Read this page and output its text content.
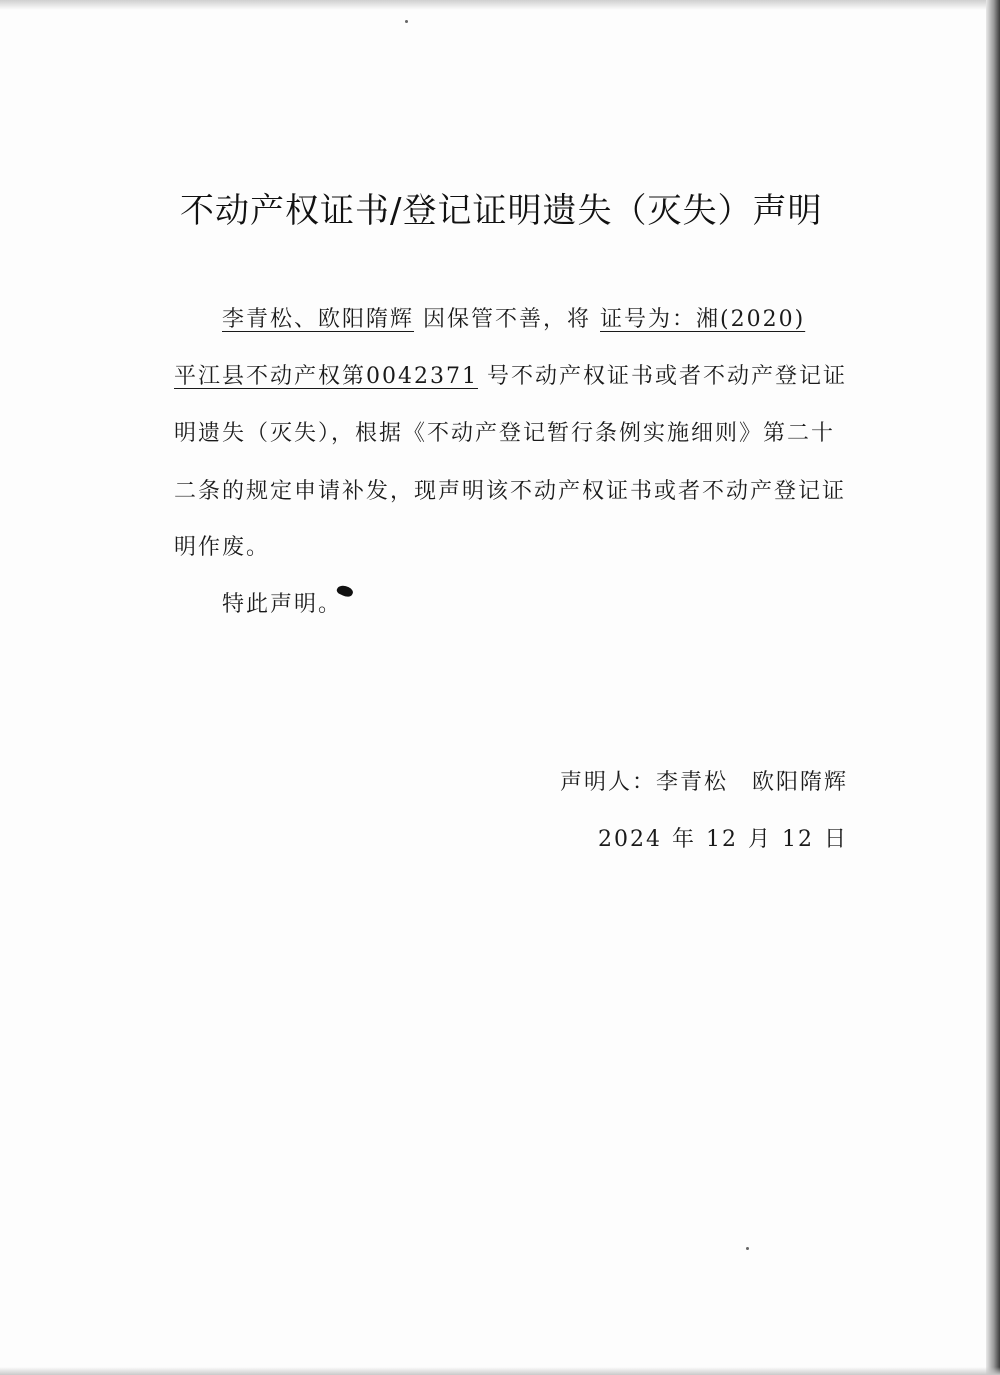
不动产权证书/登记证明遗失（灭失）声明
李青松、欧阳隋辉 因保管不善，将 证号为：湘(2020)
平江县不动产权第0042371 号不动产权证书或者不动产登记证
明遗失（灭失），根据《不动产登记暂行条例实施细则》第二十
二条的规定申请补发，现声明该不动产权证书或者不动产登记证
明作废。
特此声明。
声明人：李青松　欧阳隋辉
2024 年 12 月 12 日
